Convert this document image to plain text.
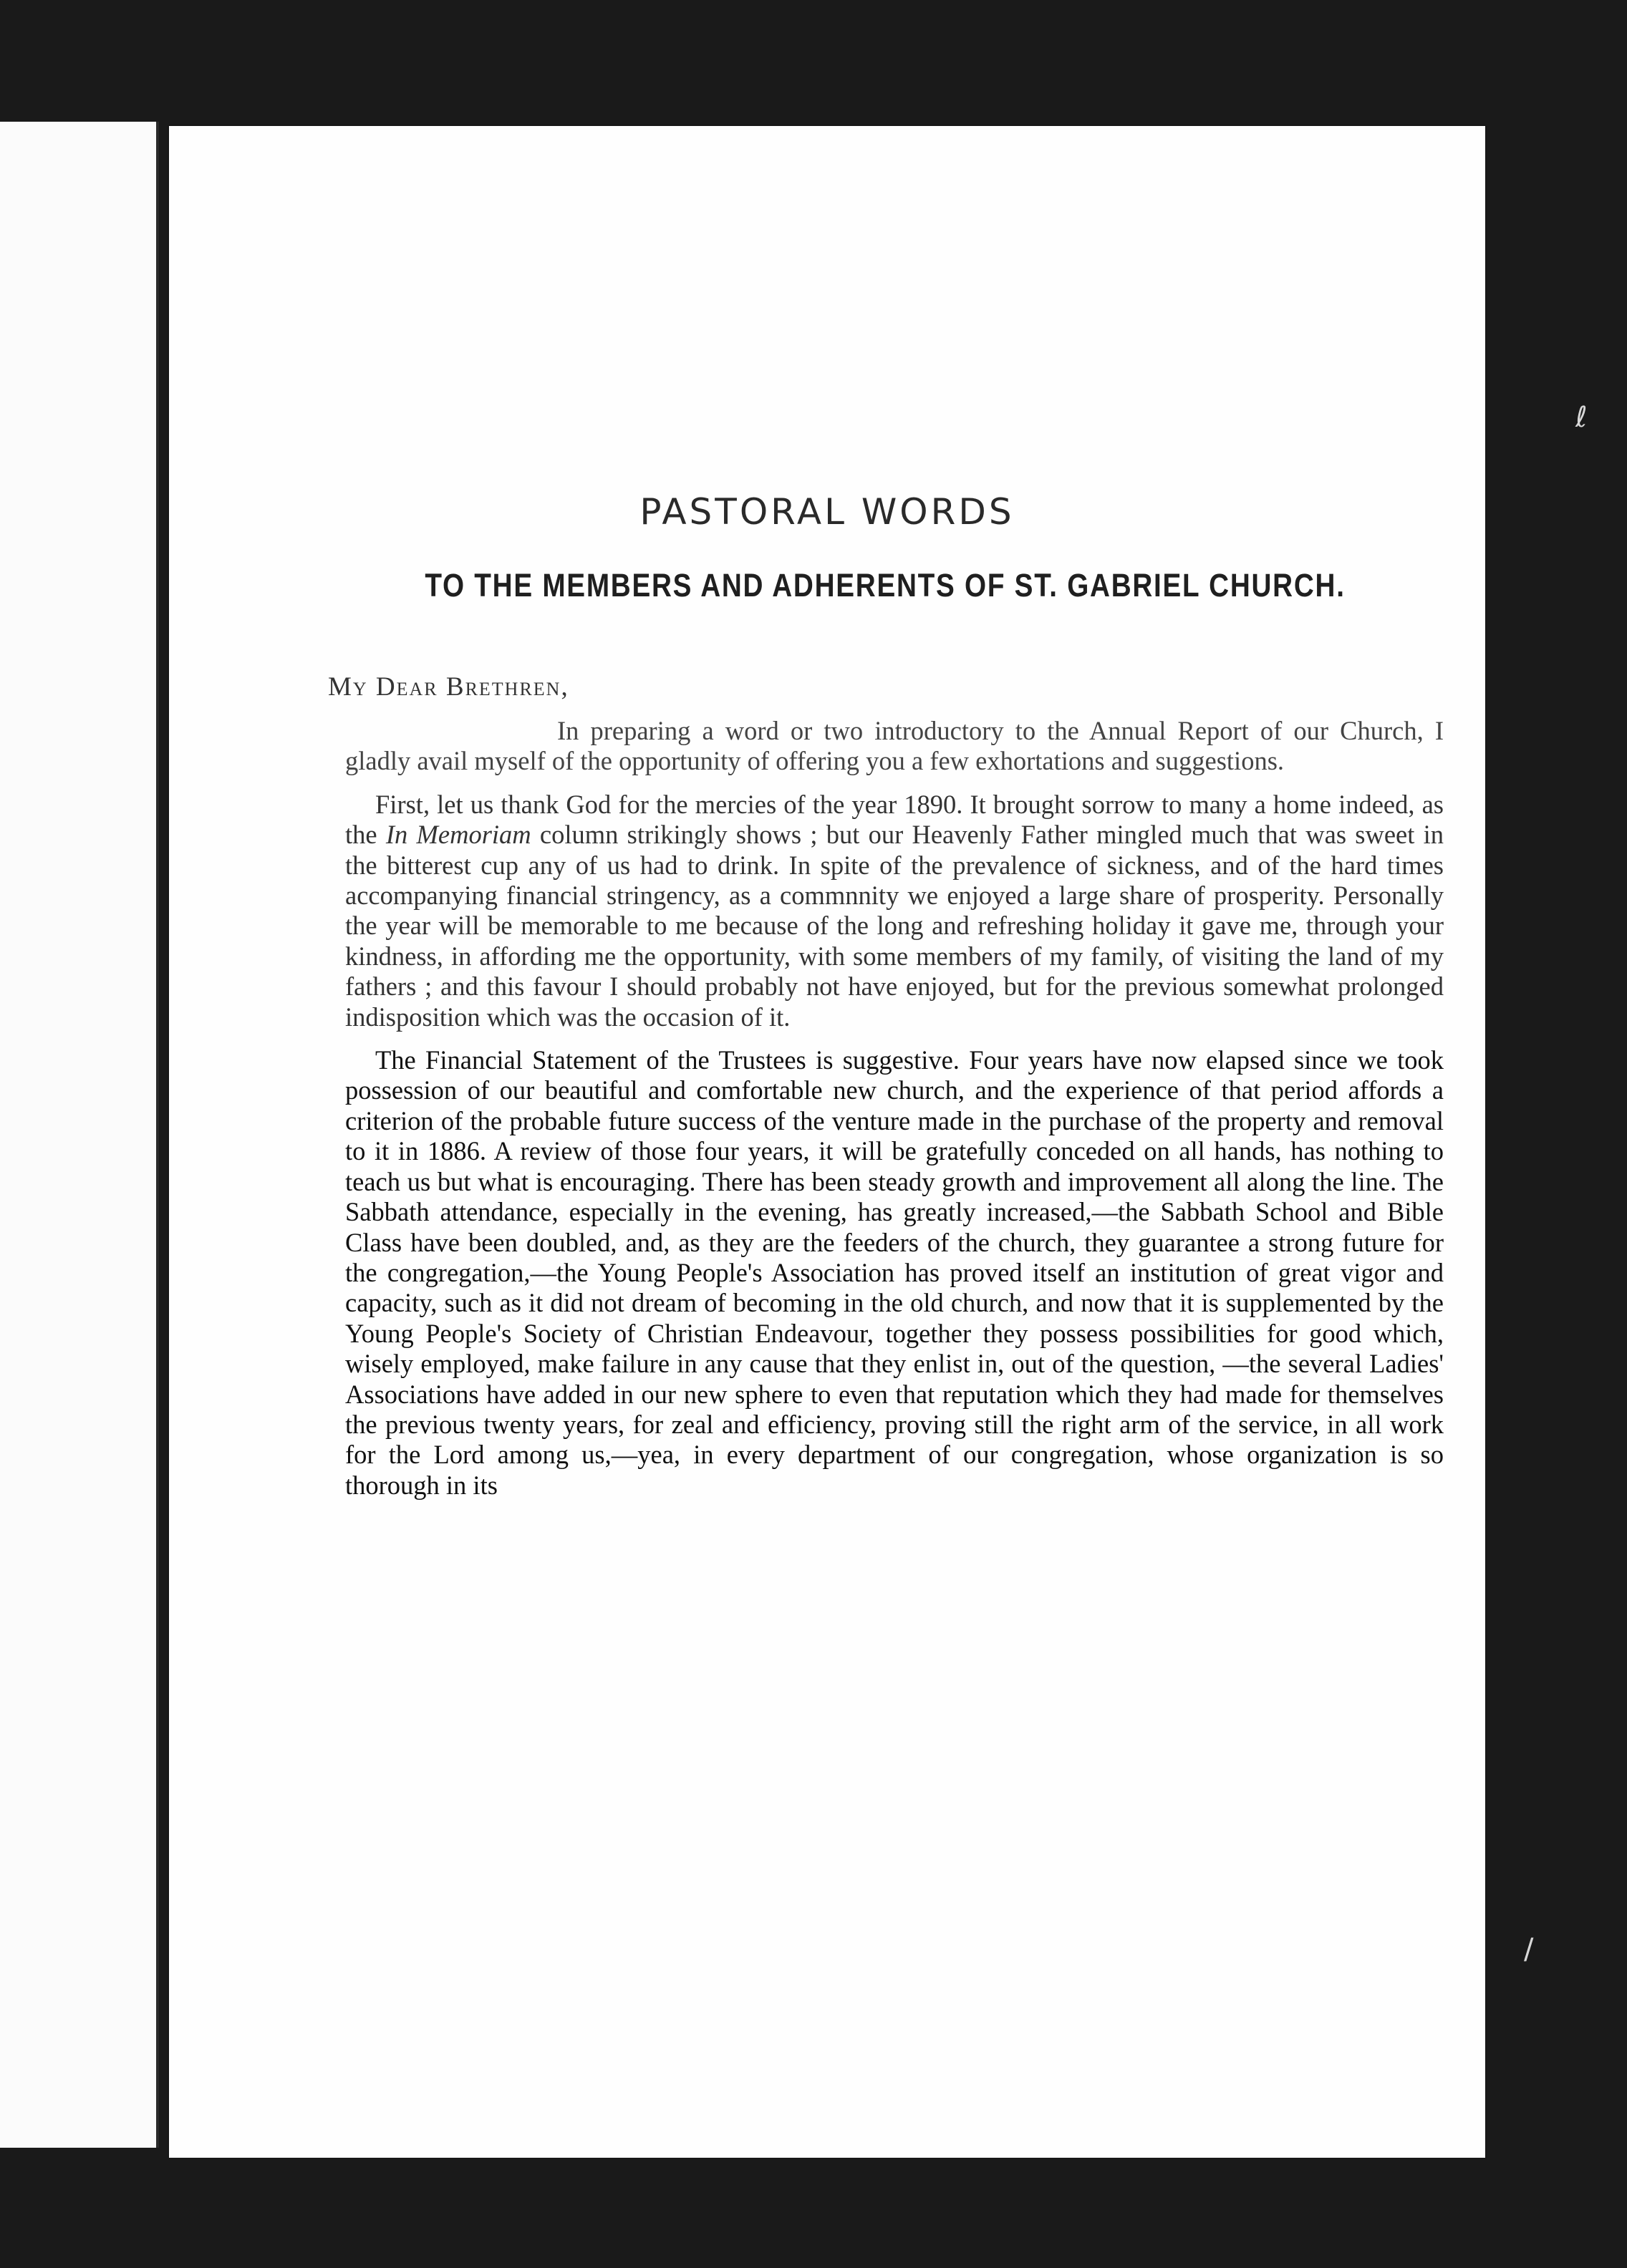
PASTORAL WORDS
TO THE MEMBERS AND ADHERENTS OF ST. GABRIEL CHURCH.
My Dear Brethren,

In preparing a word or two introductory to the Annual Report of our Church, I gladly avail myself of the opportunity of offering you a few exhortations and suggestions.

First, let us thank God for the mercies of the year 1890. It brought sorrow to many a home indeed, as the In Memoriam column strikingly shows ; but our Heavenly Father mingled much that was sweet in the bitterest cup any of us had to drink. In spite of the prevalence of sickness, and of the hard times accompanying financial stringency, as a commnnity we enjoyed a large share of prosperity. Personally the year will be memorable to me because of the long and refreshing holiday it gave me, through your kindness, in affording me the opportunity, with some members of my family, of visiting the land of my fathers ; and this favour I should probably not have enjoyed, but for the previous somewhat prolonged indisposition which was the occasion of it.

The Financial Statement of the Trustees is suggestive. Four years have now elapsed since we took possession of our beautiful and comfortable new church, and the experience of that period affords a criterion of the probable future success of the venture made in the purchase of the property and removal to it in 1886. A review of those four years, it will be gratefully conceded on all hands, has nothing to teach us but what is encouraging. There has been steady growth and improvement all along the line. The Sabbath attendance, especially in the evening, has greatly increased,—the Sabbath School and Bible Class have been doubled, and, as they are the feeders of the church, they guarantee a strong future for the congregation,—the Young People's Association has proved itself an institution of great vigor and capacity, such as it did not dream of becoming in the old church, and now that it is supplemented by the Young People's Society of Christian Endeavour, together they possess possibilities for good which, wisely employed, make failure in any cause that they enlist in, out of the question, —the several Ladies' Associations have added in our new sphere to even that reputation which they had made for themselves the previous twenty years, for zeal and efficiency, proving still the right arm of the service, in all work for the Lord among us,—yea, in every department of our congregation, whose organization is so thorough in its

ℓ
/
